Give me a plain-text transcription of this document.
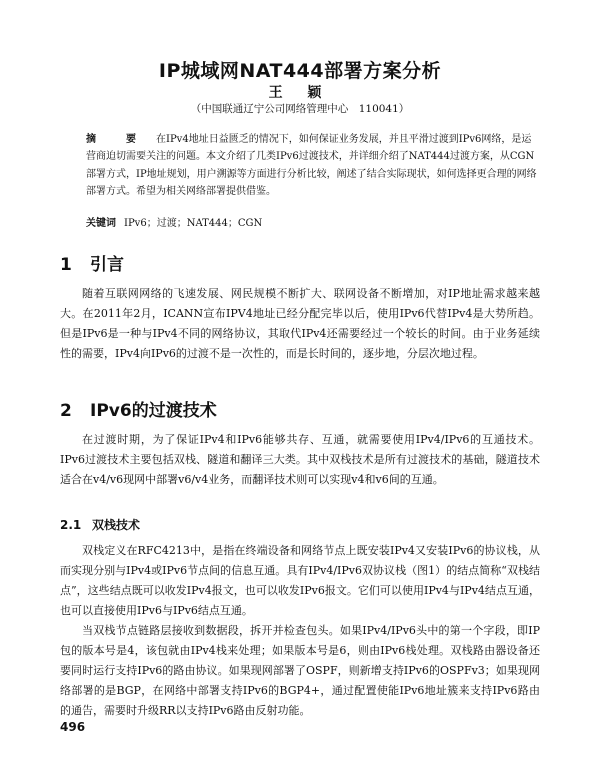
IP城域网NAT444部署方案分析
王 颖
（中国联通辽宁公司网络管理中心　110041）
摘　要 在IPv4地址日益匮乏的情况下，如何保证业务发展，并且平滑过渡到IPv6网络，是运营商迫切需要关注的问题。本文介绍了几类IPv6过渡技术，并详细介绍了NAT444过渡方案，从CGN部署方式，IP地址规划，用户溯源等方面进行分析比较，阐述了结合实际现状，如何选择更合理的网络部署方式。希望为相关网络部署提供借鉴。
关键词 IPv6；过渡；NAT444；CGN
1 引言

随着互联网网络的飞速发展、网民规模不断扩大、联网设备不断增加，对IP地址需求越来越大。在2011年2月，ICANN宣布IPV4地址已经分配完毕以后，使用IPv6代替IPv4是大势所趋。但是IPv6是一种与IPv4不同的网络协议，其取代IPv4还需要经过一个较长的时间。由于业务延续性的需要，IPv4向IPv6的过渡不是一次性的，而是长时间的，逐步地，分层次地过程。

2 IPv6的过渡技术

在过渡时期，为了保证IPv4和IPv6能够共存、互通，就需要使用IPv4/IPv6的互通技术。IPv6过渡技术主要包括双栈、隧道和翻译三大类。其中双栈技术是所有过渡技术的基础，隧道技术适合在v4/v6现网中部署v6/v4业务，而翻译技术则可以实现v4和v6间的互通。

2.1 双栈技术

双栈定义在RFC4213中，是指在终端设备和网络节点上既安装IPv4又安装IPv6的协议栈，从而实现分别与IPv4或IPv6节点间的信息互通。具有IPv4/IPv6双协议栈（图1）的结点简称“双栈结点”，这些结点既可以收发IPv4报文，也可以收发IPv6报文。它们可以使用IPv4与IPv4结点互通，也可以直接使用IPv6与IPv6结点互通。

当双栈节点链路层接收到数据段，拆开并检查包头。如果IPv4/IPv6头中的第一个字段，即IP包的版本号是4，该包就由IPv4栈来处理；如果版本号是6，则由IPv6栈处理。双栈路由器设备还要同时运行支持IPv6的路由协议。如果现网部署了OSPF，则新增支持IPv6的OSPFv3；如果现网络部署的是BGP，在网络中部署支持IPv6的BGP4+，通过配置使能IPv6地址簇来支持IPv6路由的通告，需要时升级RR以支持IPv6路由反射功能。

496
